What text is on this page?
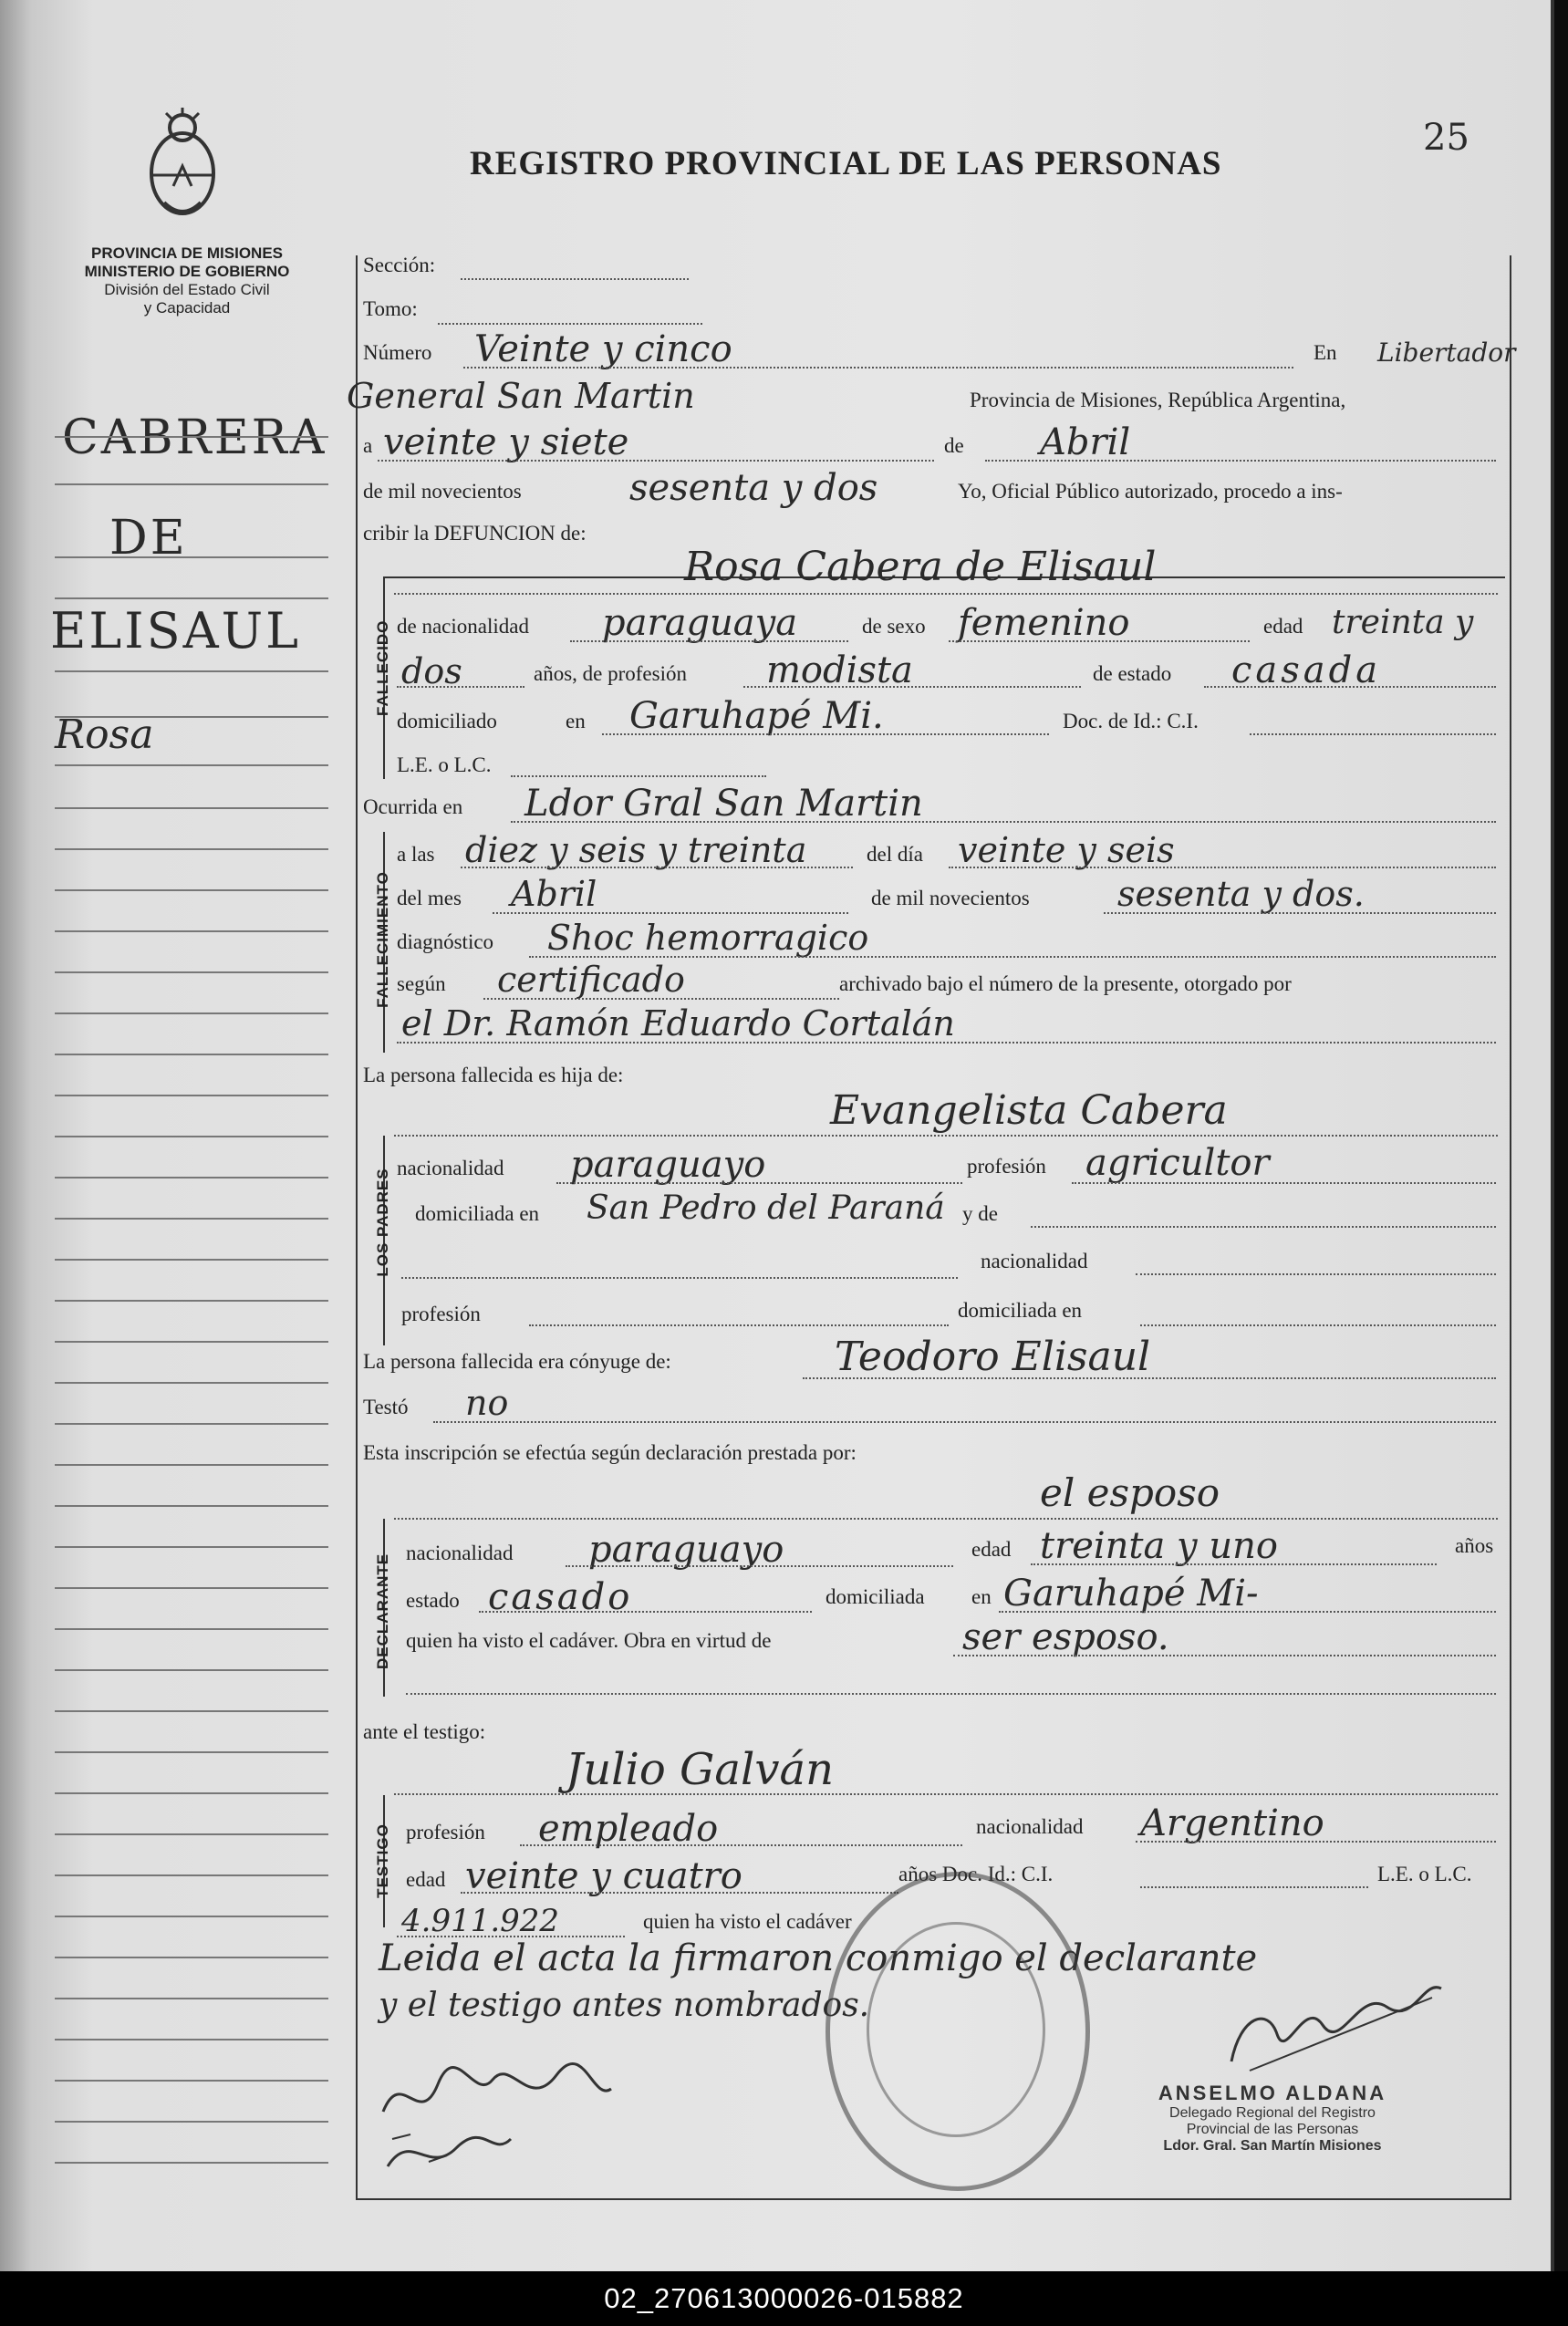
25
REGISTRO PROVINCIAL DE LAS PERSONAS
PROVINCIA DE MISIONES
MINISTERIO DE GOBIERNO
División del Estado Civil
y Capacidad
CABRERA
DE
ELISAUL
Rosa
Sección:
Tomo:
Número Veinte y cinco	En Libertador
General San Martin	Provincia de Misiones, República Argentina,
a veinte y siete	de Abril
de mil novecientos	sesenta y dos	Yo, Oficial Público autorizado, procedo a ins-
cribir la DEFUNCION de:
FALLECIDO
Rosa Cabera de Elisaul
de nacionalidad paraguaya	de sexo femenino	edad treinta y
dos	años, de profesión modista	de estado casada
domiciliado	en Garuhapé Mi.	Doc. de Id.: C.I.
L.E. o L.C.
Ocurrida en Ldor Gral San Martin
FALLECIMIENTO
a las diez y seis y treinta	del día veinte y seis
del mes Abril	de mil novecientos	sesenta y dos.
diagnóstico Shoc hemorragico
según certificado	archivado bajo el número de la presente, otorgado por
el Dr. Ramón Eduardo Cortalán
La persona fallecida es hija de:
LOS PADRES
Evangelista Cabera
nacionalidad paraguayo	profesión agricultor
domiciliada en San Pedro del Paraná y de
nacionalidad
profesión	domiciliada en
La persona fallecida era cónyuge de:	Teodoro Elisaul
Testó no
Esta inscripción se efectúa según declaración prestada por:
DECLARANTE
el esposo
nacionalidad paraguayo	edad treinta y uno	años
estado casado	domiciliada en Garuhapé Mi-
quien ha visto el cadáver. Obra en virtud de	ser esposo.
ante el testigo:
TESTIGO
Julio Galván
profesión empleado	nacionalidad Argentino
edad veinte y cuatro	años Doc. Id.: C.I.	L.E. o L.C.
4.911.922	quien ha visto el cadáver
Leida el acta la firmaron conmigo el declarante
y el testigo antes nombrados.
ANSELMO ALDANA
Delegado Regional del Registro
Provincial de las Personas
Ldor. Gral. San Martín Misiones
02_270613000026-015882
